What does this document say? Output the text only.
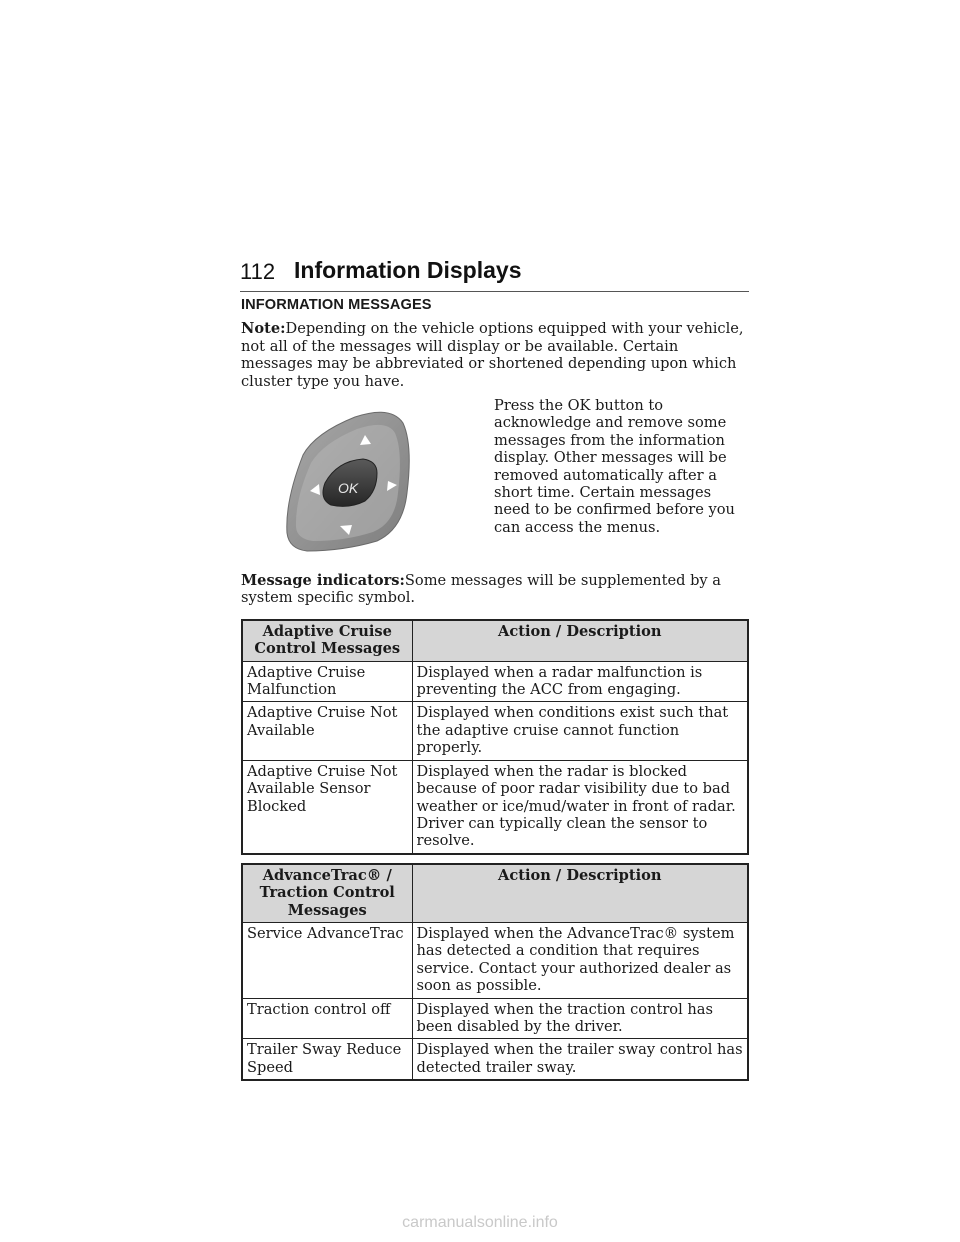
112 Information Displays
INFORMATION MESSAGES

Note:Depending on the vehicle options equipped with your vehicle, not all of the messages will display or be available. Certain messages may be abbreviated or shortened depending upon which cluster type you have.

OK

Press the OK button to acknowledge and remove some messages from the information display. Other messages will be removed automatically after a short time. Certain messages need to be confirmed before you can access the menus.

Message indicators:Some messages will be supplemented by a system specific symbol.

Adaptive Cruise Control Messages	Action / Description
Adaptive Cruise Malfunction	Displayed when a radar malfunction is preventing the ACC from engaging.
Adaptive Cruise Not Available	Displayed when conditions exist such that the adaptive cruise cannot function properly.
Adaptive Cruise Not Available Sensor Blocked	Displayed when the radar is blocked because of poor radar visibility due to bad weather or ice/mud/water in front of radar. Driver can typically clean the sensor to resolve.
AdvanceTrac® / Traction Control Messages	Action / Description
Service AdvanceTrac	Displayed when the AdvanceTrac® system has detected a condition that requires service. Contact your authorized dealer as soon as possible.
Traction control off	Displayed when the traction control has been disabled by the driver.
Trailer Sway Reduce Speed	Displayed when the trailer sway control has detected trailer sway.
carmanualsonline.info
